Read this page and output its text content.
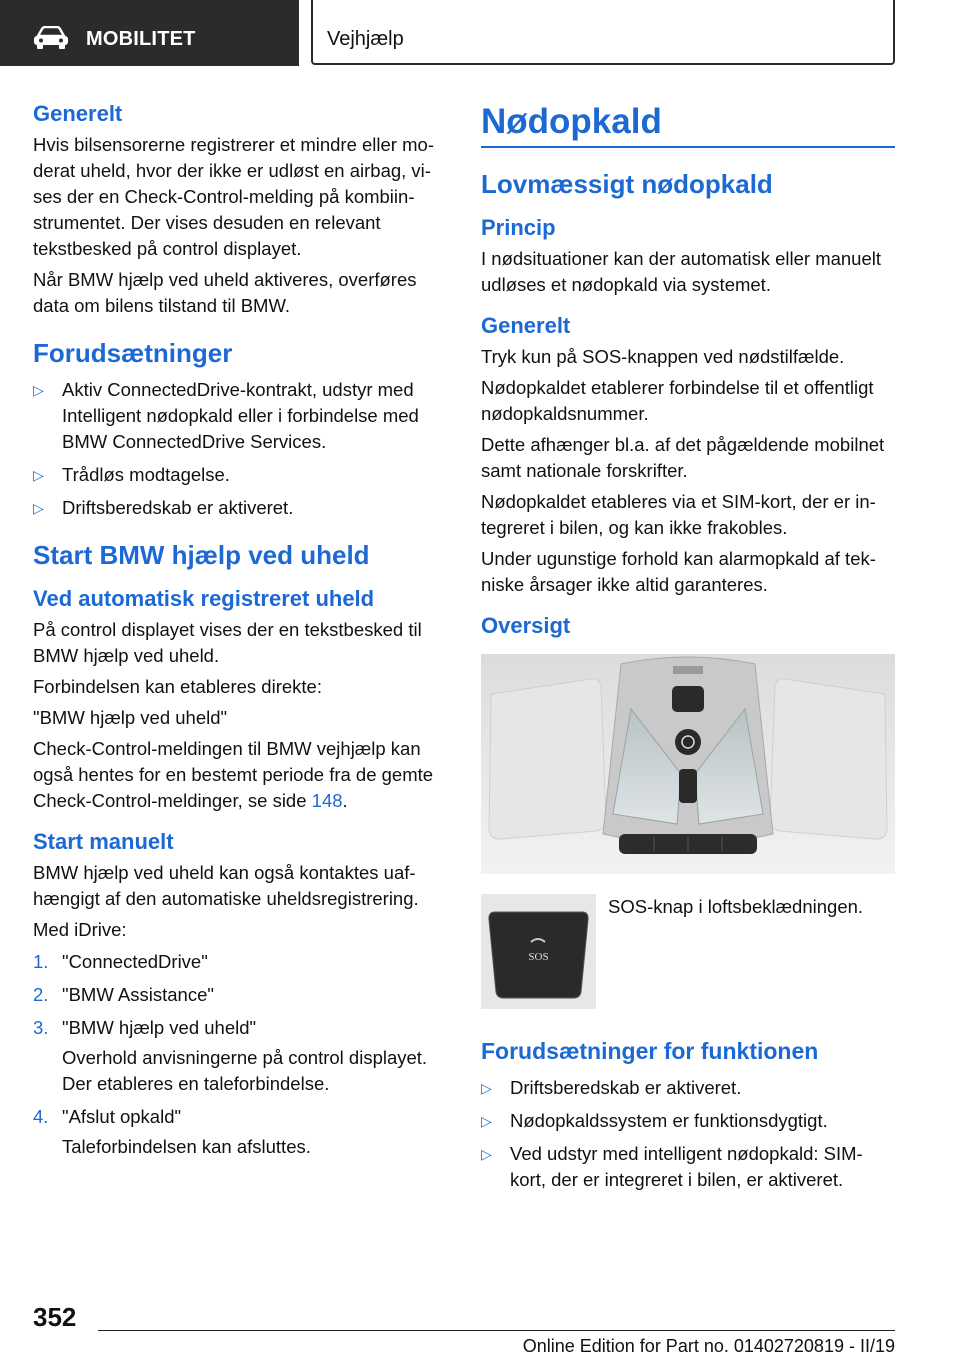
MOBILITET	Vejhjælp
Generelt

Hvis bilsensorerne registrerer et mindre eller moderat uheld, hvor der ikke er udløst en airbag, vises der en Check-Control-melding på kombiinstrumentet. Der vises desuden en relevant tekstbesked på control displayet.

Når BMW hjælp ved uheld aktiveres, overføres data om bilens tilstand til BMW.

Forudsætninger
▷ Aktiv ConnectedDrive-kontrakt, udstyr med Intelligent nødopkald eller i forbindelse med BMW ConnectedDrive Services.
▷ Trådløs modtagelse.
▷ Driftsberedskab er aktiveret.
Start BMW hjælp ved uheld
Ved automatisk registreret uheld

På control displayet vises der en tekstbesked til BMW hjælp ved uheld.

Forbindelsen kan etableres direkte:

"BMW hjælp ved uheld"

Check-Control-meldingen til BMW vejhjælp kan også hentes for en bestemt periode fra de gemte Check-Control-meldinger, se side 148.

Start manuelt

BMW hjælp ved uheld kan også kontaktes uafhængigt af den automatiske uheldsregistrering.

Med iDrive:

1. "ConnectedDrive"
2. "BMW Assistance"
3. "BMW hjælp ved uheld"
Overhold anvisningerne på control displayet. Der etableres en taleforbindelse.
4. "Afslut opkald"
Taleforbindelsen kan afsluttes.
Nødopkald
Lovmæssigt nødopkald
Princip

I nødsituationer kan der automatisk eller manuelt udløses et nødopkald via systemet.

Generelt

Tryk kun på SOS-knappen ved nødstilfælde.

Nødopkaldet etablerer forbindelse til et offentligt nødopkaldsnummer.

Dette afhænger bl.a. af det pågældende mobilnet samt nationale forskrifter.

Nødopkaldet etableres via et SIM-kort, der er integreret i bilen, og kan ikke frakobles.

Under ugunstige forhold kan alarmopkald af tekniske årsager ikke altid garanteres.

Oversigt
SOS
SOS-knap i loftsbeklædningen.
Forudsætninger for funktionen
▷ Driftsberedskab er aktiveret.
▷ Nødopkaldssystem er funktionsdygtigt.
▷ Ved udstyr med intelligent nødopkald: SIM-kort, der er integreret i bilen, er aktiveret.
352
Online Edition for Part no. 01402720819 - II/19
